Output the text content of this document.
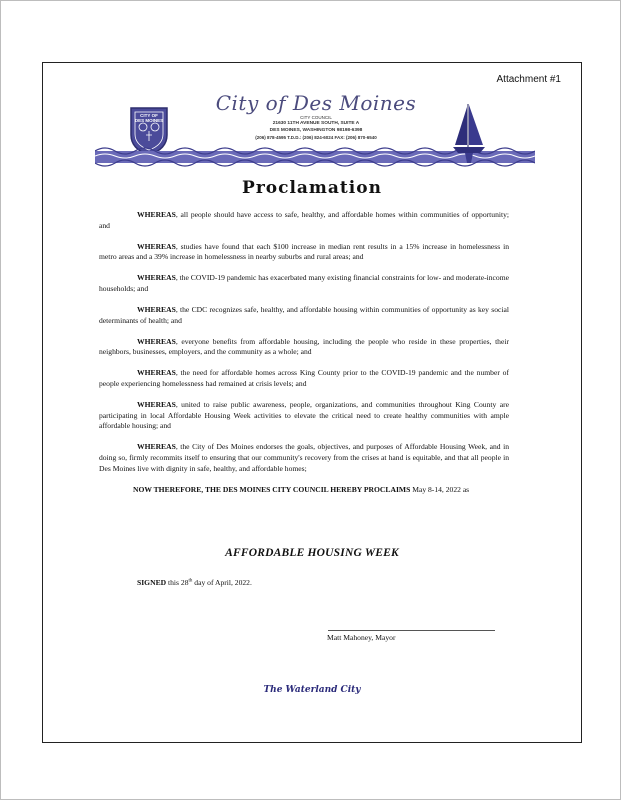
Attachment #1
CITY OF
DES MOINES
City of Des Moines
CITY COUNCIL
21630 11TH AVENUE SOUTH, SUITE A
DES MOINES, WASHINGTON 98198-6398
(206) 878-4595 T.D.D.: (206) 824-6024 FAX: (206) 870-6540
Proclamation

WHEREAS, all people should have access to safe, healthy, and affordable homes within communities of opportunity; and

WHEREAS, studies have found that each $100 increase in median rent results in a 15% increase in homelessness in metro areas and a 39% increase in homelessness in nearby suburbs and rural areas; and

WHEREAS, the COVID-19 pandemic has exacerbated many existing financial constraints for low- and moderate-income households; and

WHEREAS, the CDC recognizes safe, healthy, and affordable housing within communities of opportunity as key social determinants of health; and

WHEREAS, everyone benefits from affordable housing, including the people who reside in these properties, their neighbors, businesses, employers, and the community as a whole; and

WHEREAS, the need for affordable homes across King County prior to the COVID-19 pandemic and the number of people experiencing homelessness had remained at crisis levels; and

WHEREAS, united to raise public awareness, people, organizations, and communities throughout King County are participating in local Affordable Housing Week activities to elevate the critical need to create healthy communities with ample affordable housing; and

WHEREAS, the City of Des Moines endorses the goals, objectives, and purposes of Affordable Housing Week, and in doing so, firmly recommits itself to ensuring that our community's recovery from the crises at hand is equitable, and that all people in Des Moines live with dignity in safe, healthy, and affordable homes;

NOW THEREFORE, THE DES MOINES CITY COUNCIL HEREBY PROCLAIMS May 8-14, 2022 as

AFFORDABLE HOUSING WEEK
SIGNED this 28th day of April, 2022.
Matt Mahoney, Mayor
The Waterland City
